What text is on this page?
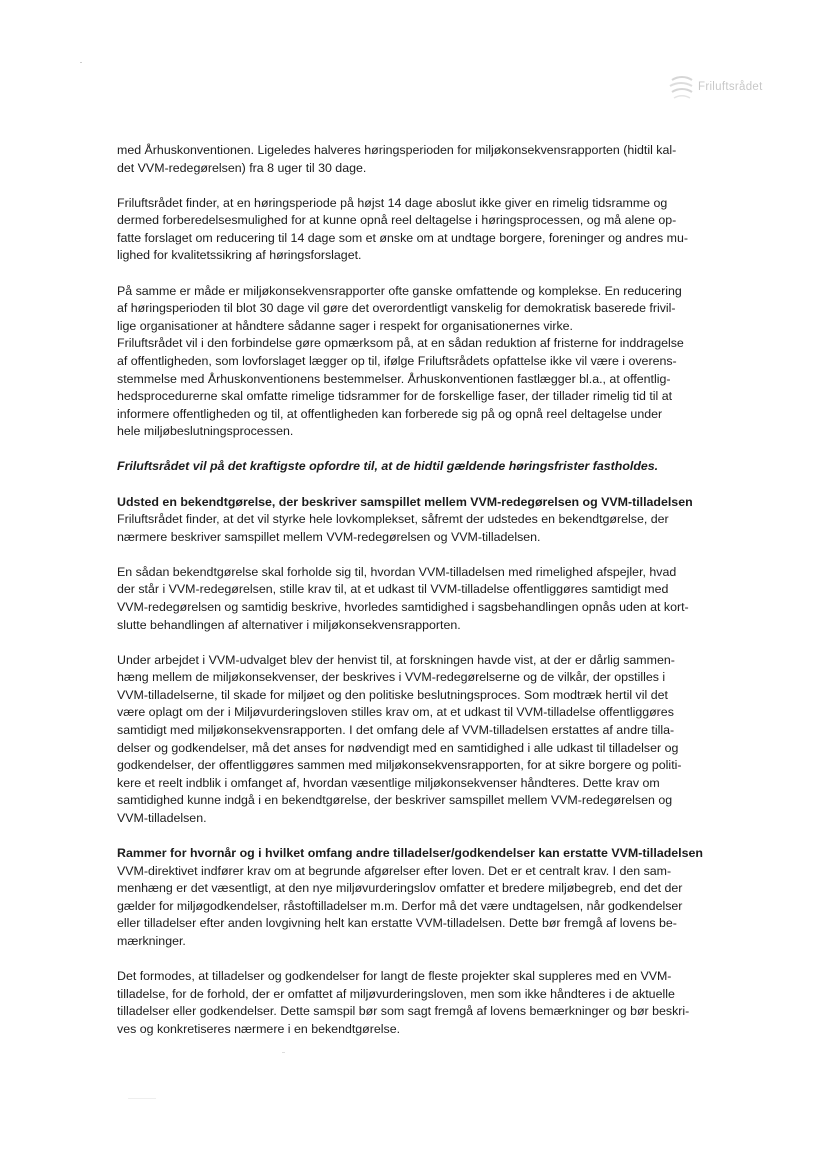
Friluftsrådet
med Århuskonventionen. Ligeledes halveres høringsperioden for miljøkonsekvensrapporten (hidtil kal-
det VVM-redegørelsen) fra 8 uger til 30 dage.
Friluftsrådet finder, at en høringsperiode på højst 14 dage aboslut ikke giver en rimelig tidsramme og
dermed forberedelsesmulighed for at kunne opnå reel deltagelse i høringsprocessen, og må alene op-
fatte forslaget om reducering til 14 dage som et ønske om at undtage borgere, foreninger og andres mu-
lighed for kvalitetssikring af høringsforslaget.
På samme er måde er miljøkonsekvensrapporter ofte ganske omfattende og komplekse. En reducering
af høringsperioden til blot 30 dage vil gøre det overordentligt vanskelig for demokratisk baserede frivil-
lige organisationer at håndtere sådanne sager i respekt for organisationernes virke.
Friluftsrådet vil i den forbindelse gøre opmærksom på, at en sådan reduktion af fristerne for inddragelse
af offentligheden, som lovforslaget lægger op til, ifølge Friluftsrådets opfattelse ikke vil være i overens-
stemmelse med Århuskonventionens bestemmelser. Århuskonventionen fastlægger bl.a., at offentlig-
hedsprocedurerne skal omfatte rimelige tidsrammer for de forskellige faser, der tillader rimelig tid til at
informere offentligheden og til, at offentligheden kan forberede sig på og opnå reel deltagelse under
hele miljøbeslutningsprocessen.
Friluftsrådet vil på det kraftigste opfordre til, at de hidtil gældende høringsfrister fastholdes.
Udsted en bekendtgørelse, der beskriver samspillet mellem VVM-redegørelsen og VVM-tilladelsen
Friluftsrådet finder, at det vil styrke hele lovkomplekset, såfremt der udstedes en bekendtgørelse, der
nærmere beskriver samspillet mellem VVM-redegørelsen og VVM-tilladelsen.
En sådan bekendtgørelse skal forholde sig til, hvordan VVM-tilladelsen med rimelighed afspejler, hvad
der står i VVM-redegørelsen, stille krav til, at et udkast til VVM-tilladelse offentliggøres samtidigt med
VVM-redegørelsen og samtidig beskrive, hvorledes samtidighed i sagsbehandlingen opnås uden at kort-
slutte behandlingen af alternativer i miljøkonsekvensrapporten.
Under arbejdet i VVM-udvalget blev der henvist til, at forskningen havde vist, at der er dårlig sammen-
hæng mellem de miljøkonsekvenser, der beskrives i VVM-redegørelserne og de vilkår, der opstilles i
VVM-tilladelserne, til skade for miljøet og den politiske beslutningsproces. Som modtræk hertil vil det
være oplagt om der i Miljøvurderingsloven stilles krav om, at et udkast til VVM-tilladelse offentliggøres
samtidigt med miljøkonsekvensrapporten. I det omfang dele af VVM-tilladelsen erstattes af andre tilla-
delser og godkendelser, må det anses for nødvendigt med en samtidighed i alle udkast til tilladelser og
godkendelser, der offentliggøres sammen med miljøkonsekvensrapporten, for at sikre borgere og politi-
kere et reelt indblik i omfanget af, hvordan væsentlige miljøkonsekvenser håndteres. Dette krav om
samtidighed kunne indgå i en bekendtgørelse, der beskriver samspillet mellem VVM-redegørelsen og
VVM-tilladelsen.
Rammer for hvornår og i hvilket omfang andre tilladelser/godkendelser kan erstatte VVM-tilladelsen
VVM-direktivet indfører krav om at begrunde afgørelser efter loven. Det er et centralt krav. I den sam-
menhæng er det væsentligt, at den nye miljøvurderingslov omfatter et bredere miljøbegreb, end det der
gælder for miljøgodkendelser, råstoftilladelser m.m. Derfor må det være undtagelsen, når godkendelser
eller tilladelser efter anden lovgivning helt kan erstatte VVM-tilladelsen. Dette bør fremgå af lovens be-
mærkninger.
Det formodes, at tilladelser og godkendelser for langt de fleste projekter skal suppleres med en VVM-
tilladelse, for de forhold, der er omfattet af miljøvurderingsloven, men som ikke håndteres i de aktuelle
tilladelser eller godkendelser. Dette samspil bør som sagt fremgå af lovens bemærkninger og bør beskri-
ves og konkretiseres nærmere i en bekendtgørelse.
